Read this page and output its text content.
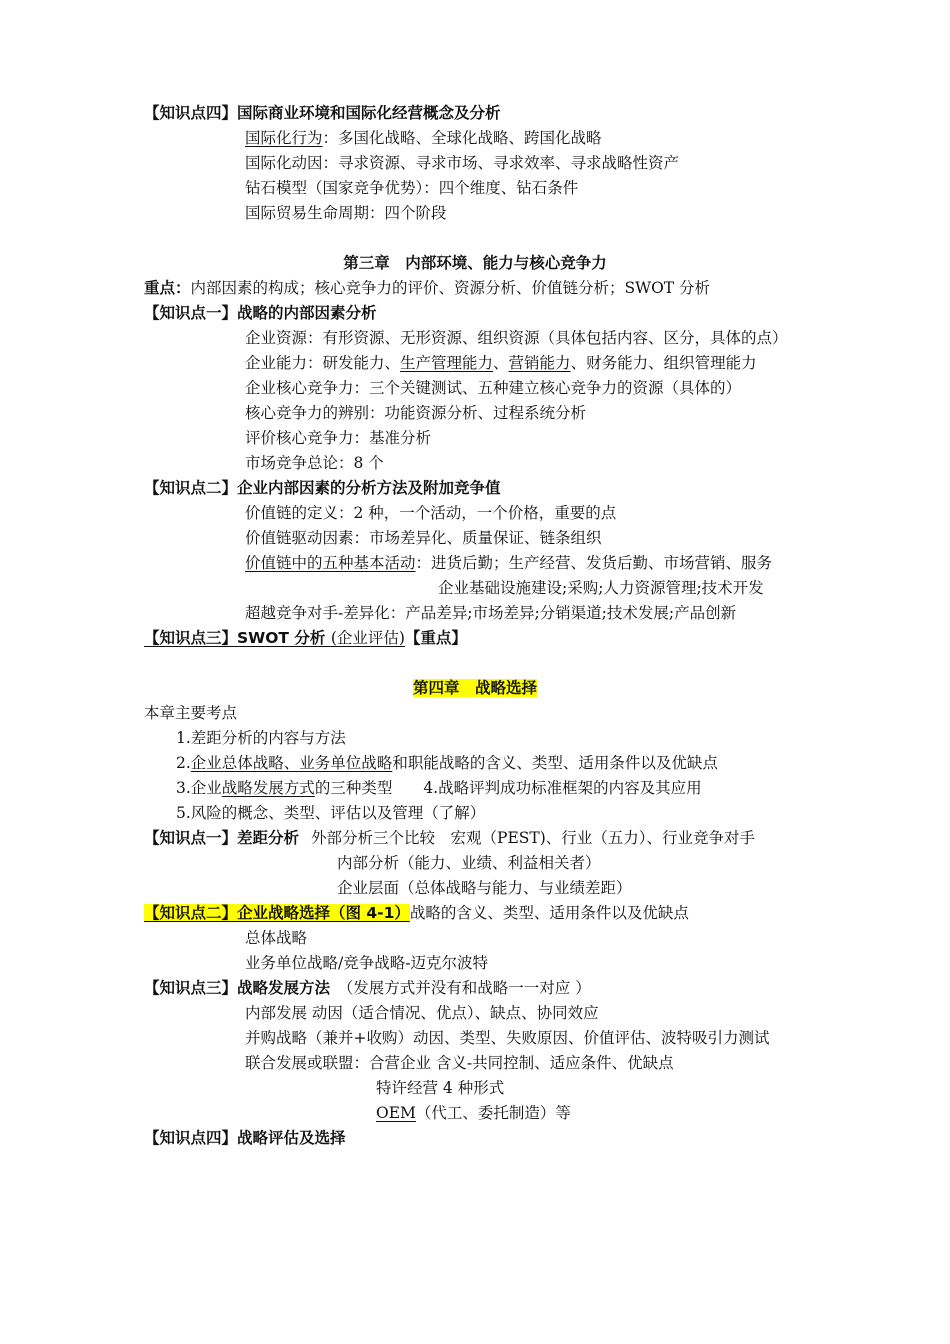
【知识点四】国际商业环境和国际化经营概念及分析
国际化行为：多国化战略、全球化战略、跨国化战略
国际化动因：寻求资源、寻求市场、寻求效率、寻求战略性资产
钻石模型（国家竞争优势）：四个维度、钻石条件
国际贸易生命周期：四个阶段
第三章　内部环境、能力与核心竞争力
重点：内部因素的构成；核心竞争力的评价、资源分析、价值链分析；SWOT 分析
【知识点一】战略的内部因素分析
企业资源：有形资源、无形资源、组织资源（具体包括内容、区分，具体的点）
企业能力：研发能力、生产管理能力、营销能力、财务能力、组织管理能力
企业核心竞争力：三个关键测试、五种建立核心竞争力的资源（具体的）
核心竞争力的辨别：功能资源分析、过程系统分析
评价核心竞争力：基准分析
市场竞争总论：8 个
【知识点二】企业内部因素的分析方法及附加竞争值
价值链的定义：2 种，一个活动，一个价格，重要的点
价值链驱动因素：市场差异化、质量保证、链条组织
价值链中的五种基本活动：进货后勤；生产经营、发货后勤、市场营销、服务
企业基础设施建设;采购;人力资源管理;技术开发
超越竞争对手-差异化：产品差异;市场差异;分销渠道;技术发展;产品创新
【知识点三】SWOT 分析 (企业评估)【重点】
第四章　战略选择
本章主要考点
1.差距分析的内容与方法
2.企业总体战略、业务单位战略和职能战略的含义、类型、适用条件以及优缺点
3.企业战略发展方式的三种类型　　4.战略评判成功标准框架的内容及其应用
5.风险的概念、类型、评估以及管理（了解）
【知识点一】差距分析 外部分析三个比较　宏观（PEST)、行业（五力）、行业竞争对手
内部分析（能力、业绩、利益相关者）
企业层面（总体战略与能力、与业绩差距）
【知识点二】企业战略选择（图 4-1）战略的含义、类型、适用条件以及优缺点
总体战略
业务单位战略/竞争战略-迈克尔波特
【知识点三】战略发展方法　（发展方式并没有和战略一一对应 ）
内部发展 动因（适合情况、优点）、缺点、协同效应
并购战略（兼并+收购）动因、类型、失败原因、价值评估、波特吸引力测试
联合发展或联盟：合营企业 含义-共同控制、适应条件、优缺点
特许经营 4 种形式
OEM（代工、委托制造）等
【知识点四】战略评估及选择
